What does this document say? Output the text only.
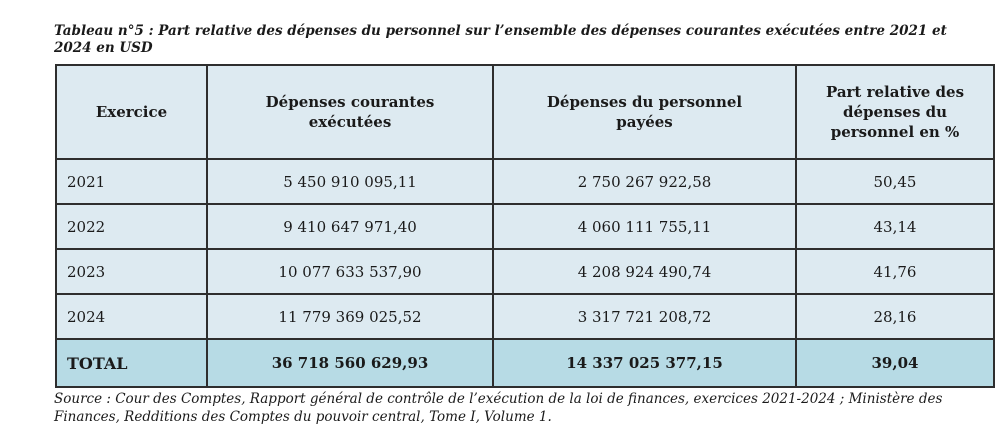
Tableau n°5 : Part relative des dépenses du personnel sur l’ensemble des dépenses courantes exécutées entre 2021 et 2024 en USD
Exercice	Dépenses courantes exécutées	Dépenses du personnel payées	Part relative des dépenses du personnel en %
2021	5 450 910 095,11	2 750 267 922,58	50,45
2022	9 410 647 971,40	4 060 111 755,11	43,14
2023	10 077 633 537,90	4 208 924 490,74	41,76
2024	11 779 369 025,52	3 317 721 208,72	28,16
TOTAL	36 718 560 629,93	14 337 025 377,15	39,04
Source : Cour des Comptes, Rapport général de contrôle de l’exécution de la loi de finances, exercices 2021-2024 ; Ministère des Finances, Redditions des Comptes du pouvoir central, Tome I, Volume 1.
